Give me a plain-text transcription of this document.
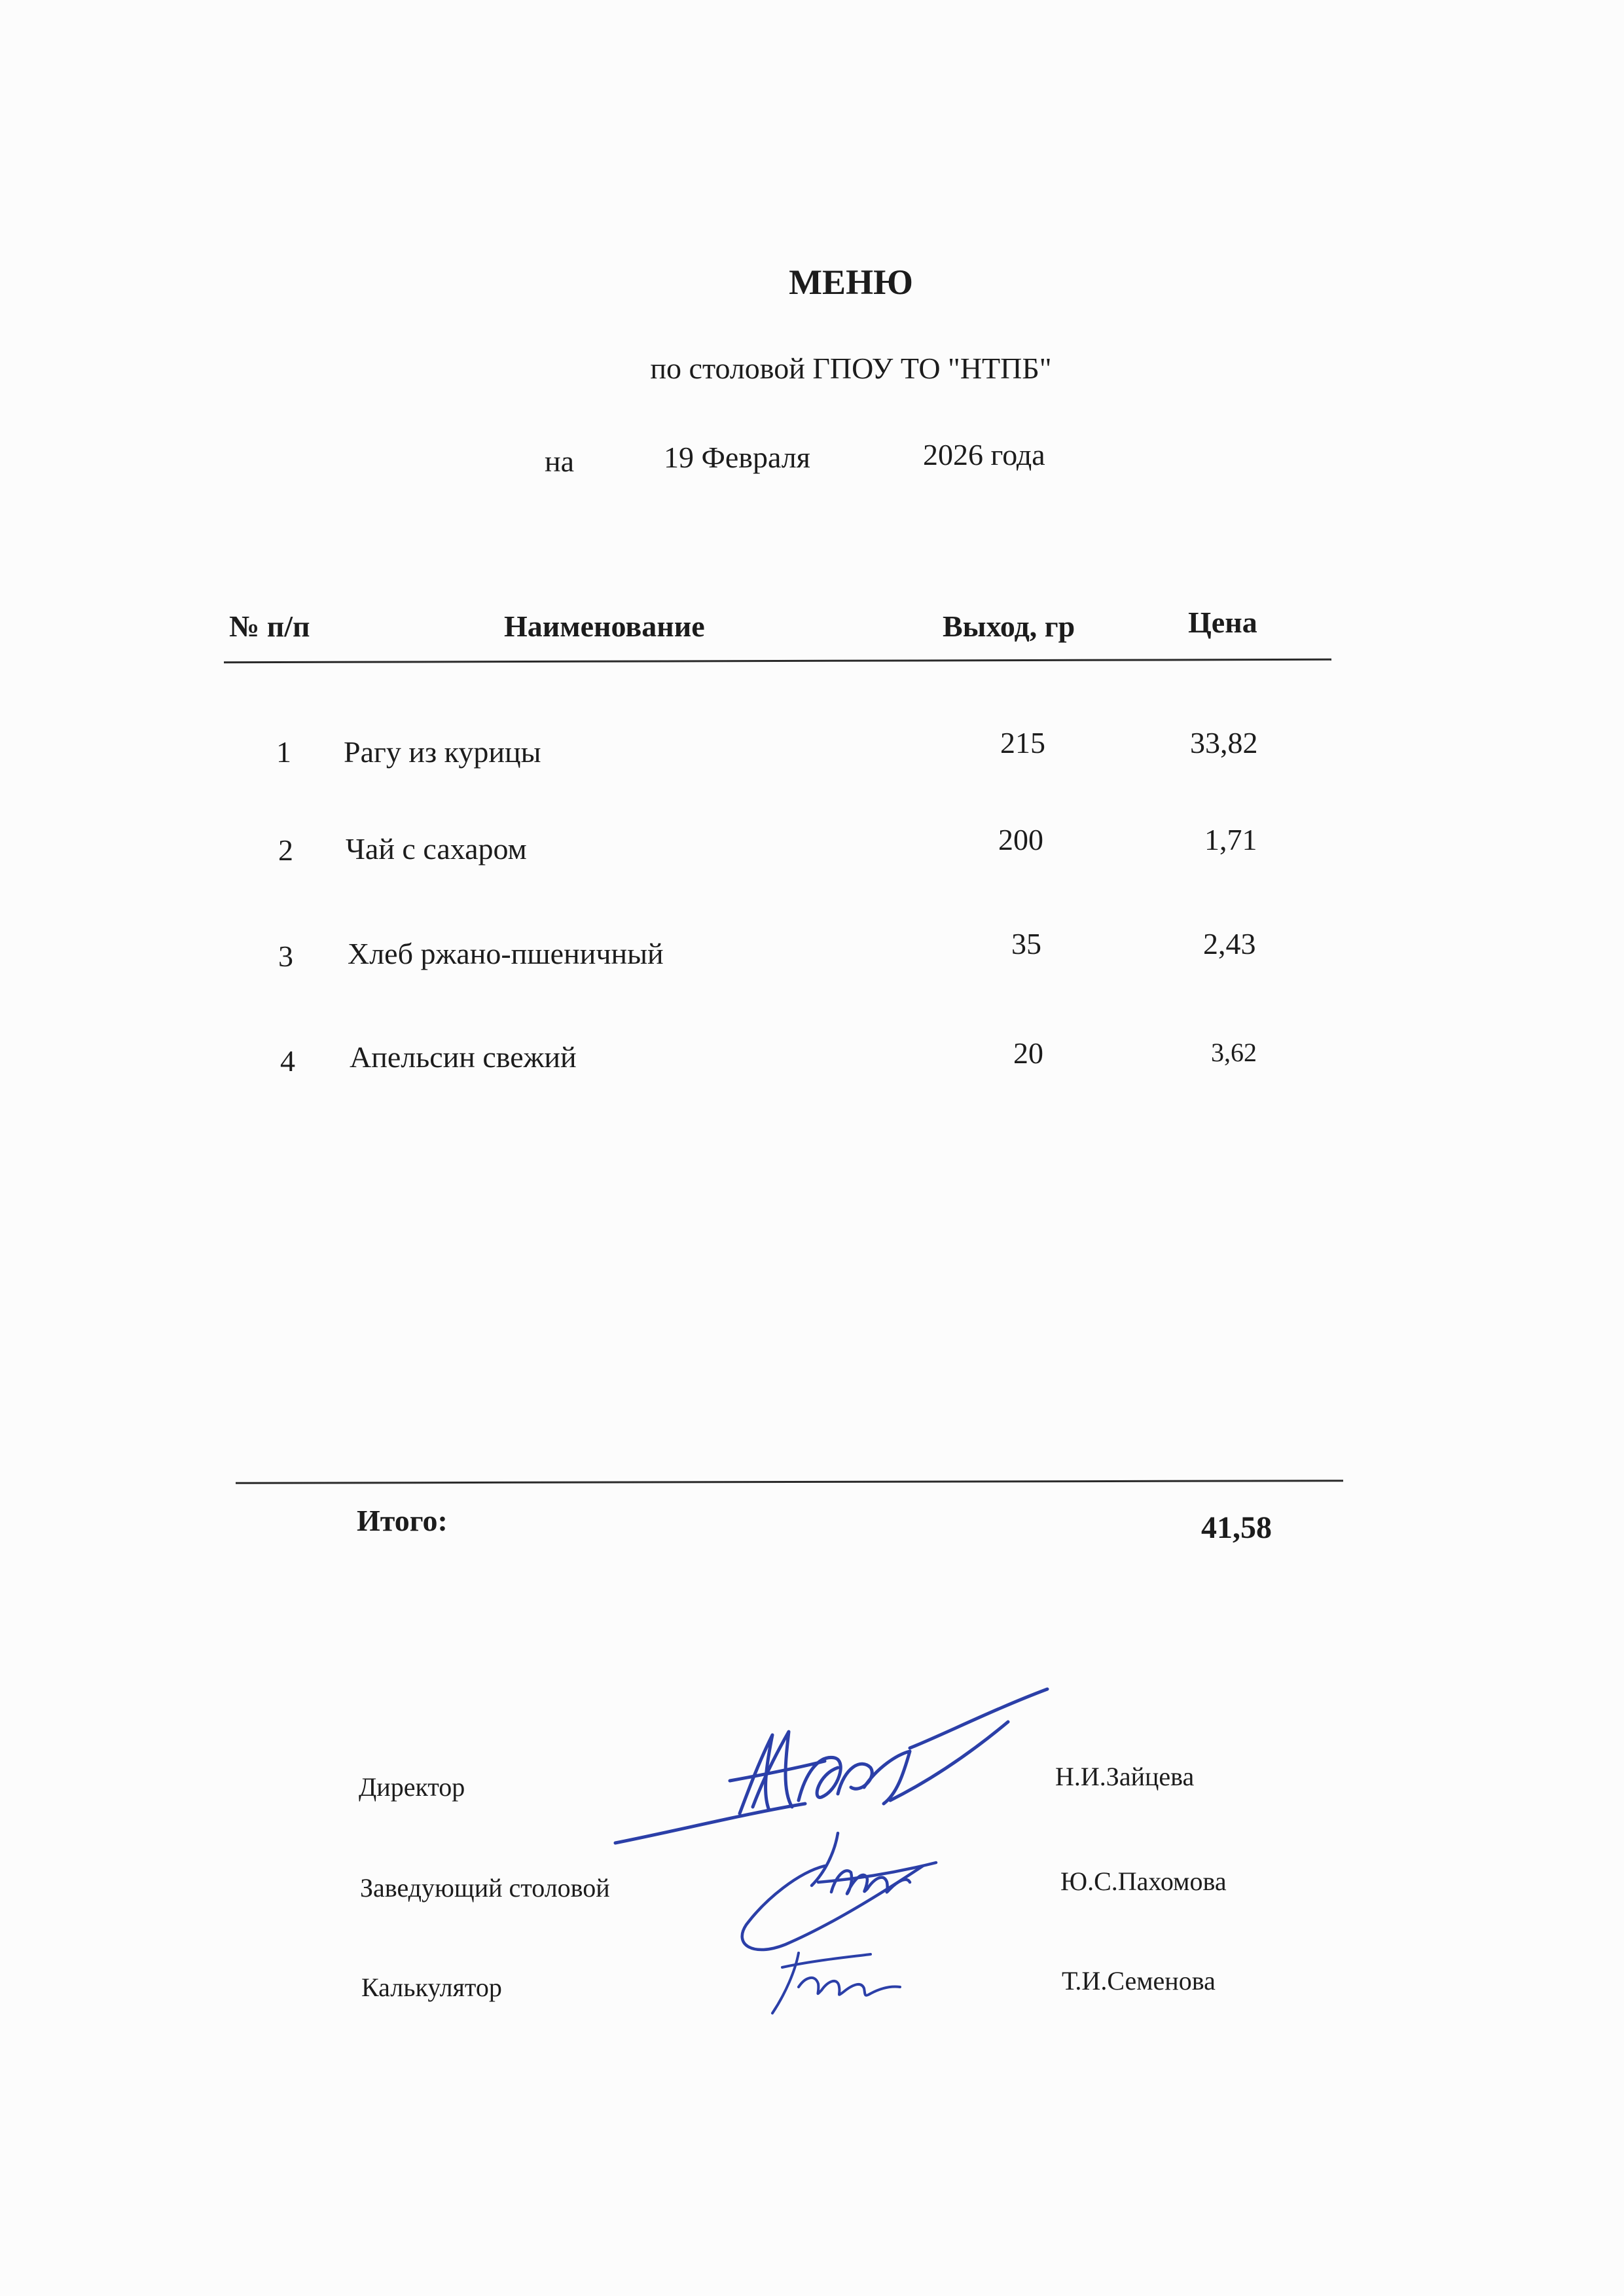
МЕНЮ
по столовой ГПОУ ТО "НТПБ"
на	19 Февраля	2026 года
№ п/п	Наименование	Выход, гр	Цена
1 Рагу из курицы	215	33,82
2 Чай с сахаром	200	1,71
3 Хлеб ржано-пшеничный	35	2,43
4 Апельсин свежий	20	3,62
Итого:	41,58
Директор	Н.И.Зайцева
Заведующий столовой	Ю.С.Пахомова
Калькулятор	Т.И.Семенова
